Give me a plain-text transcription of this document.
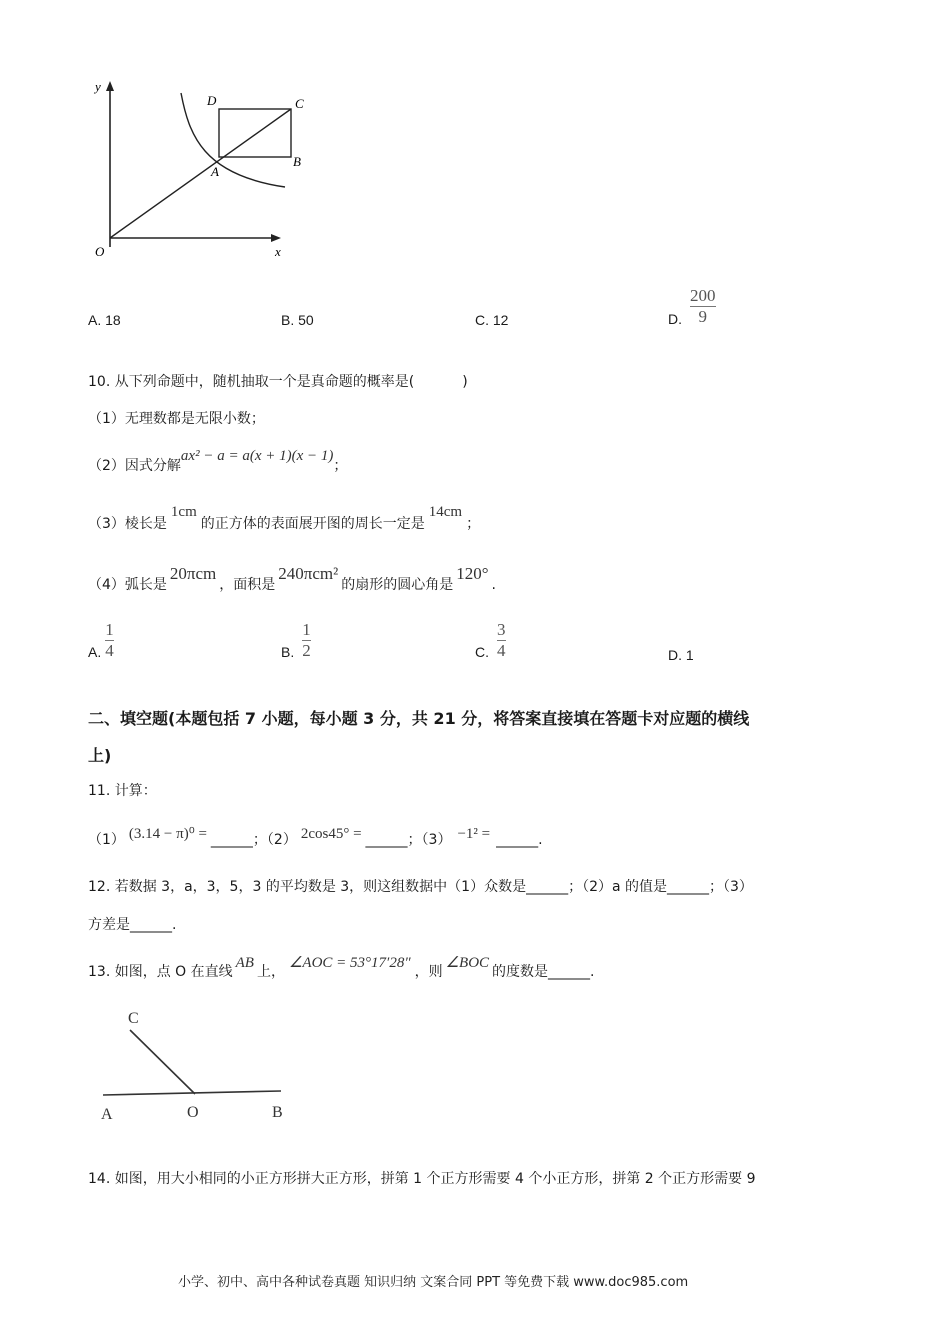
y
x
O
A
B
C
D
A. 18	B. 50	C. 12	D. $\frac{200}{9}$
10. 从下列命题中，随机抽取一个是真命题的概率是(	)
（1）无理数都是无限小数；
（2）因式分解ax² − a = a(x + 1)(x − 1)；
（3）棱长是1cm的正方体的表面展开图的周长一定是14cm；
（4）弧长是20πcm，面积是240πcm²的扇形的圆心角是120°.
A. $\frac{1}{4}$	B. $\frac{1}{2}$	C. $\frac{3}{4}$	D. 1
二、填空题(本题包括 7 小题，每小题 3 分，共 21 分，将答案直接填在答题卡对应题的横线
上)
11. 计算：
（1） (3.14 − π)⁰ = ______；（2） 2cos45° = ______；（3） −1² = ______.
12. 若数据 3，a，3，5，3 的平均数是 3，则这组数据中（1）众数是______；（2）a 的值是______；（3）
方差是______.
13. 如图，点 O 在直线AB上，∠AOC = 53°17′28″，则∠BOC的度数是______.
C
A	O	B
14. 如图，用大小相同的小正方形拼大正方形，拼第 1 个正方形需要 4 个小正方形，拼第 2 个正方形需要 9
小学、初中、高中各种试卷真题 知识归纳 文案合同 PPT 等免费下载 www.doc985.com
